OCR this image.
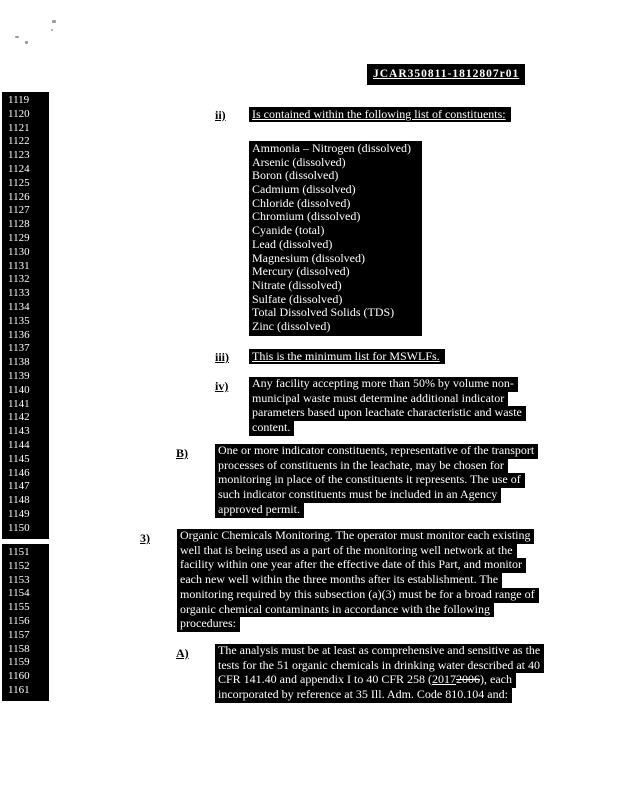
JCAR350811-1812807r01
1119
1120
1121
1122
1123
1124
1125
1126
1127
1128
1129
1130
1131
1132
1133
1134
1135
1136
1137
1138
1139
1140
1141
1142
1143
1144
1145
1146
1147
1148
1149
1150
1151
1152
1153
1154
1155
1156
1157
1158
1159
1160
1161
ii) Is contained within the following list of constituents:
Ammonia – Nitrogen (dissolved)
Arsenic (dissolved)
Boron (dissolved)
Cadmium (dissolved)
Chloride (dissolved)
Chromium (dissolved)
Cyanide (total)
Lead (dissolved)
Magnesium (dissolved)
Mercury (dissolved)
Nitrate (dissolved)
Sulfate (dissolved)
Total Dissolved Solids (TDS)
Zinc (dissolved)
iii) This is the minimum list for MSWLFs.
iv) Any facility accepting more than 50% by volume non-
municipal waste must determine additional indicator
parameters based upon leachate characteristic and waste
content.
B)	One or more indicator constituents, representative of the transport
processes of constituents in the leachate, may be chosen for
monitoring in place of the constituents it represents. The use of
such indicator constituents must be included in an Agency
approved permit.
3)	Organic Chemicals Monitoring. The operator must monitor each existing
well that is being used as a part of the monitoring well network at the
facility within one year after the effective date of this Part, and monitor
each new well within the three months after its establishment. The
monitoring required by this subsection (a)(3) must be for a broad range of
organic chemical contaminants in accordance with the following
procedures:
A) The analysis must be at least as comprehensive and sensitive as the
tests for the 51 organic chemicals in drinking water described at 40
CFR 141.40 and appendix I to 40 CFR 258 (20172006), each
incorporated by reference at 35 Ill. Adm. Code 810.104 and:
